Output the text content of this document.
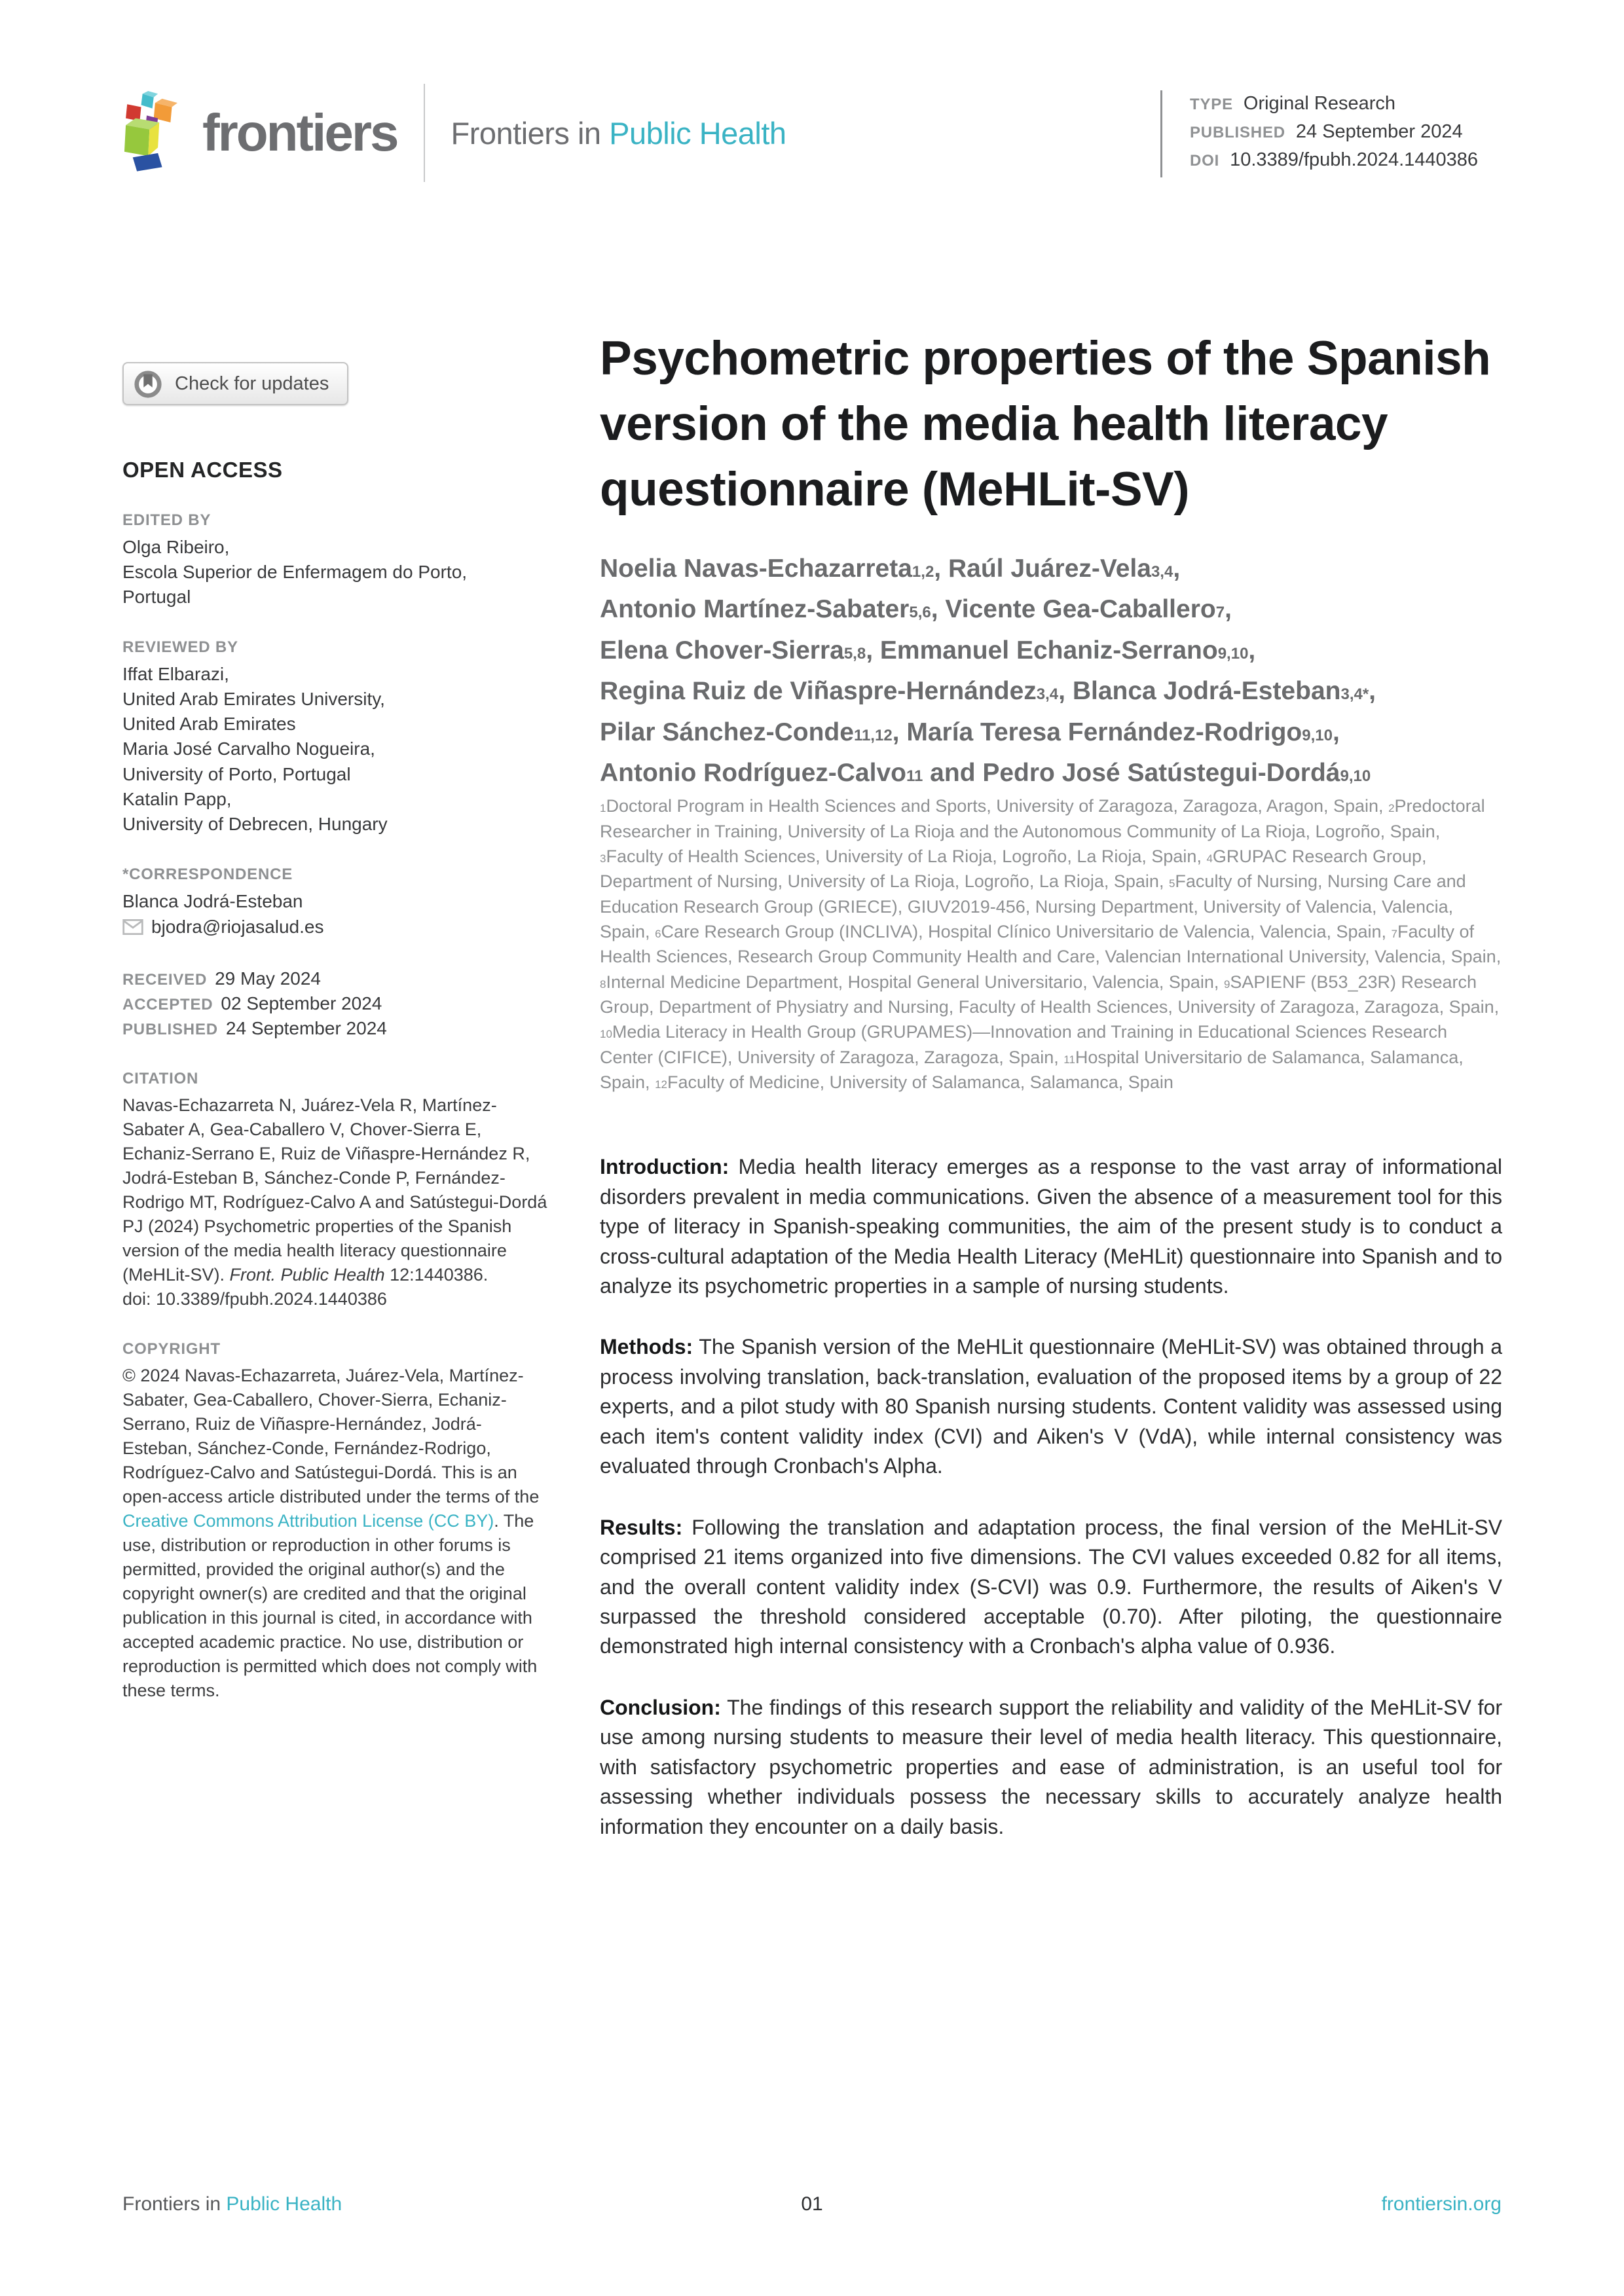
frontiers Frontiers in Public Health
TYPE Original Research
PUBLISHED 24 September 2024
DOI 10.3389/fpubh.2024.1440386
Check for updates
OPEN ACCESS
EDITED BY
Olga Ribeiro,
Escola Superior de Enfermagem do Porto,
Portugal
REVIEWED BY
Iffat Elbarazi,
United Arab Emirates University,
United Arab Emirates
Maria José Carvalho Nogueira,
University of Porto, Portugal
Katalin Papp,
University of Debrecen, Hungary
*CORRESPONDENCE
Blanca Jodrá-Esteban
bjodra@riojasalud.es
RECEIVED 29 May 2024
ACCEPTED 02 September 2024
PUBLISHED 24 September 2024
CITATION
Navas-Echazarreta N, Juárez-Vela R, Martínez-Sabater A, Gea-Caballero V, Chover-Sierra E, Echaniz-Serrano E, Ruiz de Viñaspre-Hernández R, Jodrá-Esteban B, Sánchez-Conde P, Fernández-Rodrigo MT, Rodríguez-Calvo A and Satústegui-Dordá PJ (2024) Psychometric properties of the Spanish version of the media health literacy questionnaire (MeHLit-SV). Front. Public Health 12:1440386.
doi: 10.3389/fpubh.2024.1440386
COPYRIGHT
© 2024 Navas-Echazarreta, Juárez-Vela, Martínez-Sabater, Gea-Caballero, Chover-Sierra, Echaniz-Serrano, Ruiz de Viñaspre-Hernández, Jodrá-Esteban, Sánchez-Conde, Fernández-Rodrigo, Rodríguez-Calvo and Satústegui-Dordá. This is an open-access article distributed under the terms of the Creative Commons Attribution License (CC BY). The use, distribution or reproduction in other forums is permitted, provided the original author(s) and the copyright owner(s) are credited and that the original publication in this journal is cited, in accordance with accepted academic practice. No use, distribution or reproduction is permitted which does not comply with these terms.
Psychometric properties of the Spanish version of the media health literacy questionnaire (MeHLit-SV)
Noelia Navas-Echazarreta$^{1,2}$, Raúl Juárez-Vela$^{3,4}$,
Antonio Martínez-Sabater$^{5,6}$, Vicente Gea-Caballero$^7$,
Elena Chover-Sierra$^{5,8}$, Emmanuel Echaniz-Serrano$^{9,10}$,
Regina Ruiz de Viñaspre-Hernández$^{3,4}$, Blanca Jodrá-Esteban$^{3,4*}$,
Pilar Sánchez-Conde$^{11,12}$, María Teresa Fernández-Rodrigo$^{9,10}$,
Antonio Rodríguez-Calvo$^{11}$ and Pedro José Satústegui-Dordá$^{9,10}$

$^1$Doctoral Program in Health Sciences and Sports, University of Zaragoza, Zaragoza, Aragon, Spain, $^2$Predoctoral Researcher in Training, University of La Rioja and the Autonomous Community of La Rioja, Logroño, Spain, $^3$Faculty of Health Sciences, University of La Rioja, Logroño, La Rioja, Spain, $^4$GRUPAC Research Group, Department of Nursing, University of La Rioja, Logroño, La Rioja, Spain, $^5$Faculty of Nursing, Nursing Care and Education Research Group (GRIECE), GIUV2019-456, Nursing Department, University of Valencia, Valencia, Spain, $^6$Care Research Group (INCLIVA), Hospital Clínico Universitario de Valencia, Valencia, Spain, $^7$Faculty of Health Sciences, Research Group Community Health and Care, Valencian International University, Valencia, Spain, $^8$Internal Medicine Department, Hospital General Universitario, Valencia, Spain, $^9$SAPIENF (B53_23R) Research Group, Department of Physiatry and Nursing, Faculty of Health Sciences, University of Zaragoza, Zaragoza, Spain, $^{10}$Media Literacy in Health Group (GRUPAMES)—Innovation and Training in Educational Sciences Research Center (CIFICE), University of Zaragoza, Zaragoza, Spain, $^{11}$Hospital Universitario de Salamanca, Salamanca, Spain, $^{12}$Faculty of Medicine, University of Salamanca, Salamanca, Spain

Introduction: Media health literacy emerges as a response to the vast array of informational disorders prevalent in media communications. Given the absence of a measurement tool for this type of literacy in Spanish-speaking communities, the aim of the present study is to conduct a cross-cultural adaptation of the Media Health Literacy (MeHLit) questionnaire into Spanish and to analyze its psychometric properties in a sample of nursing students.

Methods: The Spanish version of the MeHLit questionnaire (MeHLit-SV) was obtained through a process involving translation, back-translation, evaluation of the proposed items by a group of 22 experts, and a pilot study with 80 Spanish nursing students. Content validity was assessed using each item's content validity index (CVI) and Aiken's V (VdA), while internal consistency was evaluated through Cronbach's Alpha.

Results: Following the translation and adaptation process, the final version of the MeHLit-SV comprised 21 items organized into five dimensions. The CVI values exceeded 0.82 for all items, and the overall content validity index (S-CVI) was 0.9. Furthermore, the results of Aiken's V surpassed the threshold considered acceptable (0.70). After piloting, the questionnaire demonstrated high internal consistency with a Cronbach's alpha value of 0.936.

Conclusion: The findings of this research support the reliability and validity of the MeHLit-SV for use among nursing students to measure their level of media health literacy. This questionnaire, with satisfactory psychometric properties and ease of administration, is an useful tool for assessing whether individuals possess the necessary skills to accurately analyze health information they encounter on a daily basis.

Frontiers in Public Health	01	frontiersin.org
